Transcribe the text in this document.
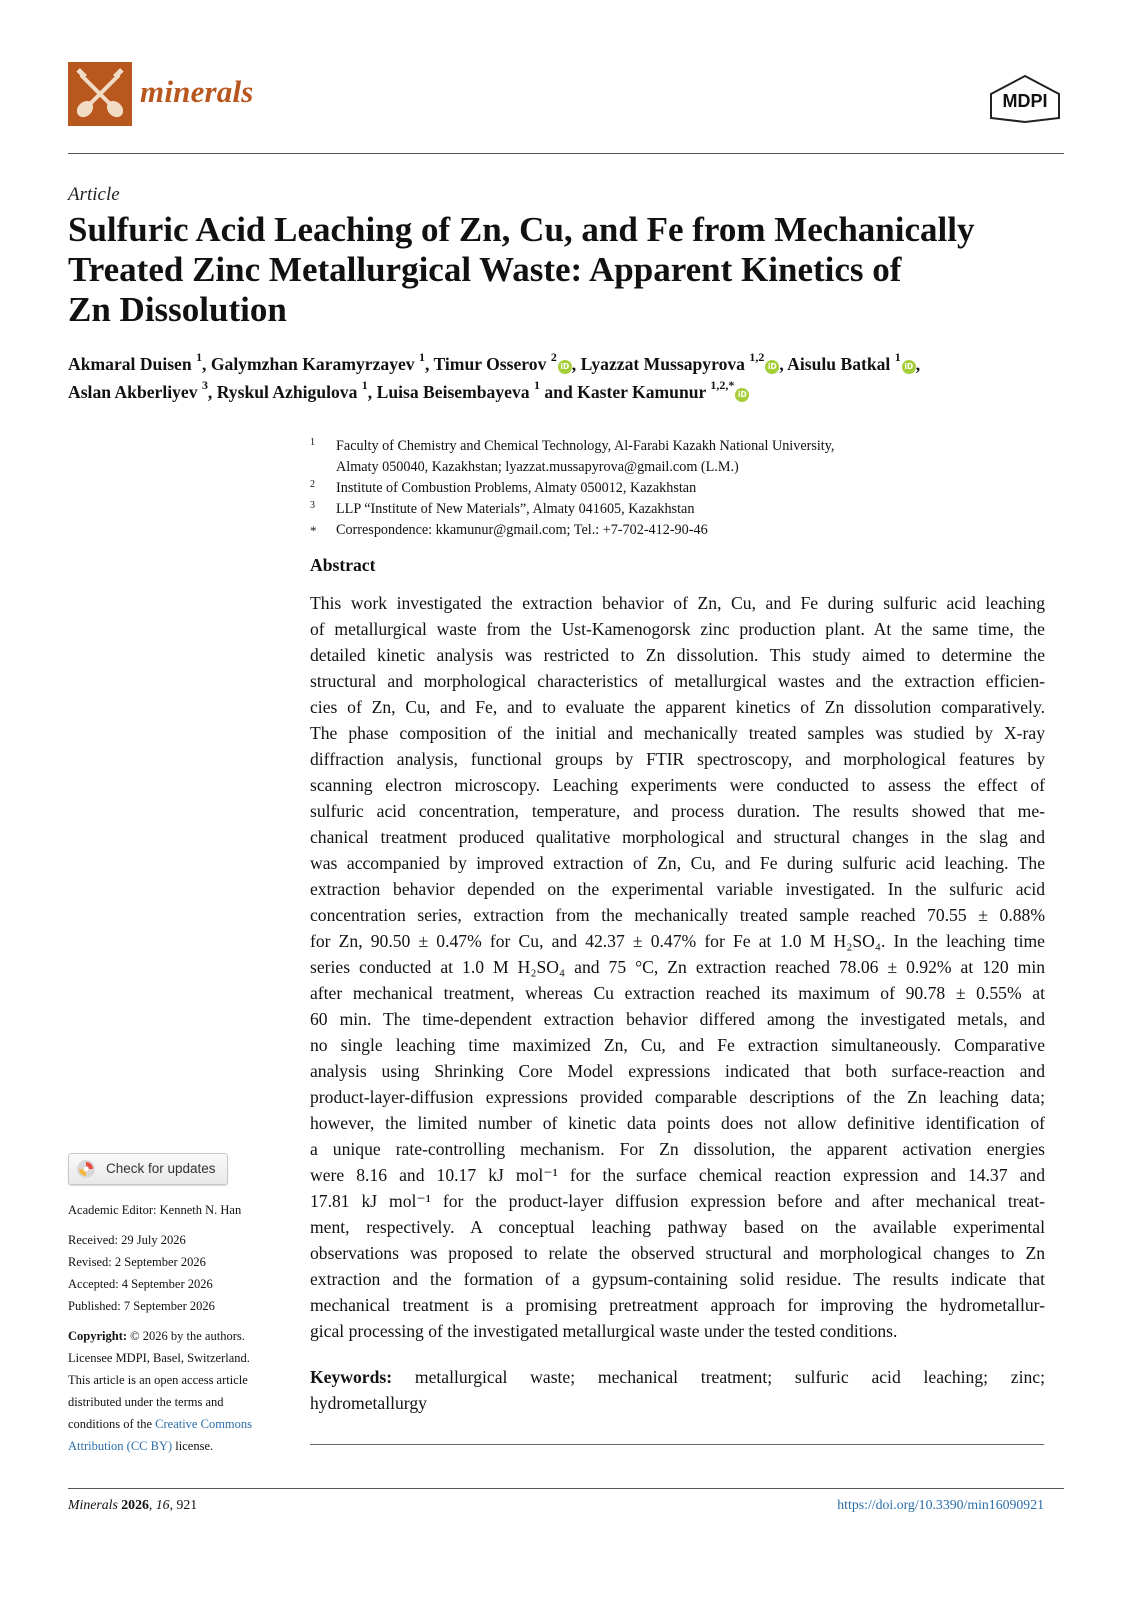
minerals	MDPI
Article
Sulfuric Acid Leaching of Zn, Cu, and Fe from Mechanically
Treated Zinc Metallurgical Waste: Apparent Kinetics of
Zn Dissolution
Akmaral Duisen $^1$, Galymzhan Karamyrzayev $^1$, Timur Osserov $^2$iD , Lyazzat Mussapyrova $^{1,2}$iD , Aisulu Batkal $^1$iD ,
Aslan Akberliyev $^3$, Ryskul Azhigulova $^1$, Luisa Beisembayeva $^1$ and Kaster Kamunur $^{1,2,*}$iD
1 Faculty of Chemistry and Chemical Technology, Al-Farabi Kazakh National University,
Almaty 050040, Kazakhstan; lyazzat.mussapyrova@gmail.com (L.M.)
2 Institute of Combustion Problems, Almaty 050012, Kazakhstan
3 LLP “Institute of New Materials”, Almaty 041605, Kazakhstan
* Correspondence: kkamunur@gmail.com; Tel.: +7-702-412-90-46
Abstract
This work investigated the extraction behavior of Zn, Cu, and Fe during sulfuric acid leaching
of metallurgical waste from the Ust-Kamenogorsk zinc production plant. At the same time, the
detailed kinetic analysis was restricted to Zn dissolution. This study aimed to determine the
structural and morphological characteristics of metallurgical wastes and the extraction efficien-
cies of Zn, Cu, and Fe, and to evaluate the apparent kinetics of Zn dissolution comparatively.
The phase composition of the initial and mechanically treated samples was studied by X-ray
diffraction analysis, functional groups by FTIR spectroscopy, and morphological features by
scanning electron microscopy. Leaching experiments were conducted to assess the effect of
sulfuric acid concentration, temperature, and process duration. The results showed that me-
chanical treatment produced qualitative morphological and structural changes in the slag and
was accompanied by improved extraction of Zn, Cu, and Fe during sulfuric acid leaching. The
extraction behavior depended on the experimental variable investigated. In the sulfuric acid
concentration series, extraction from the mechanically treated sample reached 70.55 ± 0.88%
for Zn, 90.50 ± 0.47% for Cu, and 42.37 ± 0.47% for Fe at 1.0 M H₂SO₄. In the leaching time
series conducted at 1.0 M H₂SO₄ and 75 °C, Zn extraction reached 78.06 ± 0.92% at 120 min
after mechanical treatment, whereas Cu extraction reached its maximum of 90.78 ± 0.55% at
60 min. The time-dependent extraction behavior differed among the investigated metals, and
no single leaching time maximized Zn, Cu, and Fe extraction simultaneously. Comparative
analysis using Shrinking Core Model expressions indicated that both surface-reaction and
product-layer-diffusion expressions provided comparable descriptions of the Zn leaching data;
however, the limited number of kinetic data points does not allow definitive identification of
a unique rate-controlling mechanism. For Zn dissolution, the apparent activation energies
were 8.16 and 10.17 kJ mol⁻¹ for the surface chemical reaction expression and 14.37 and
17.81 kJ mol⁻¹ for the product-layer diffusion expression before and after mechanical treat-
ment, respectively. A conceptual leaching pathway based on the available experimental
observations was proposed to relate the observed structural and morphological changes to Zn
extraction and the formation of a gypsum-containing solid residue. The results indicate that
mechanical treatment is a promising pretreatment approach for improving the hydrometallur-
gical processing of the investigated metallurgical waste under the tested conditions.
Keywords: metallurgical waste; mechanical treatment; sulfuric acid leaching; zinc;
hydrometallurgy
Check for updates
Academic Editor: Kenneth N. Han
Received: 29 July 2026
Revised: 2 September 2026
Accepted: 4 September 2026
Published: 7 September 2026
Copyright: © 2026 by the authors.
Licensee MDPI, Basel, Switzerland.
This article is an open access article
distributed under the terms and
conditions of the Creative Commons
Attribution (CC BY) license.
Minerals 2026, 16, 921	https://doi.org/10.3390/min16090921
